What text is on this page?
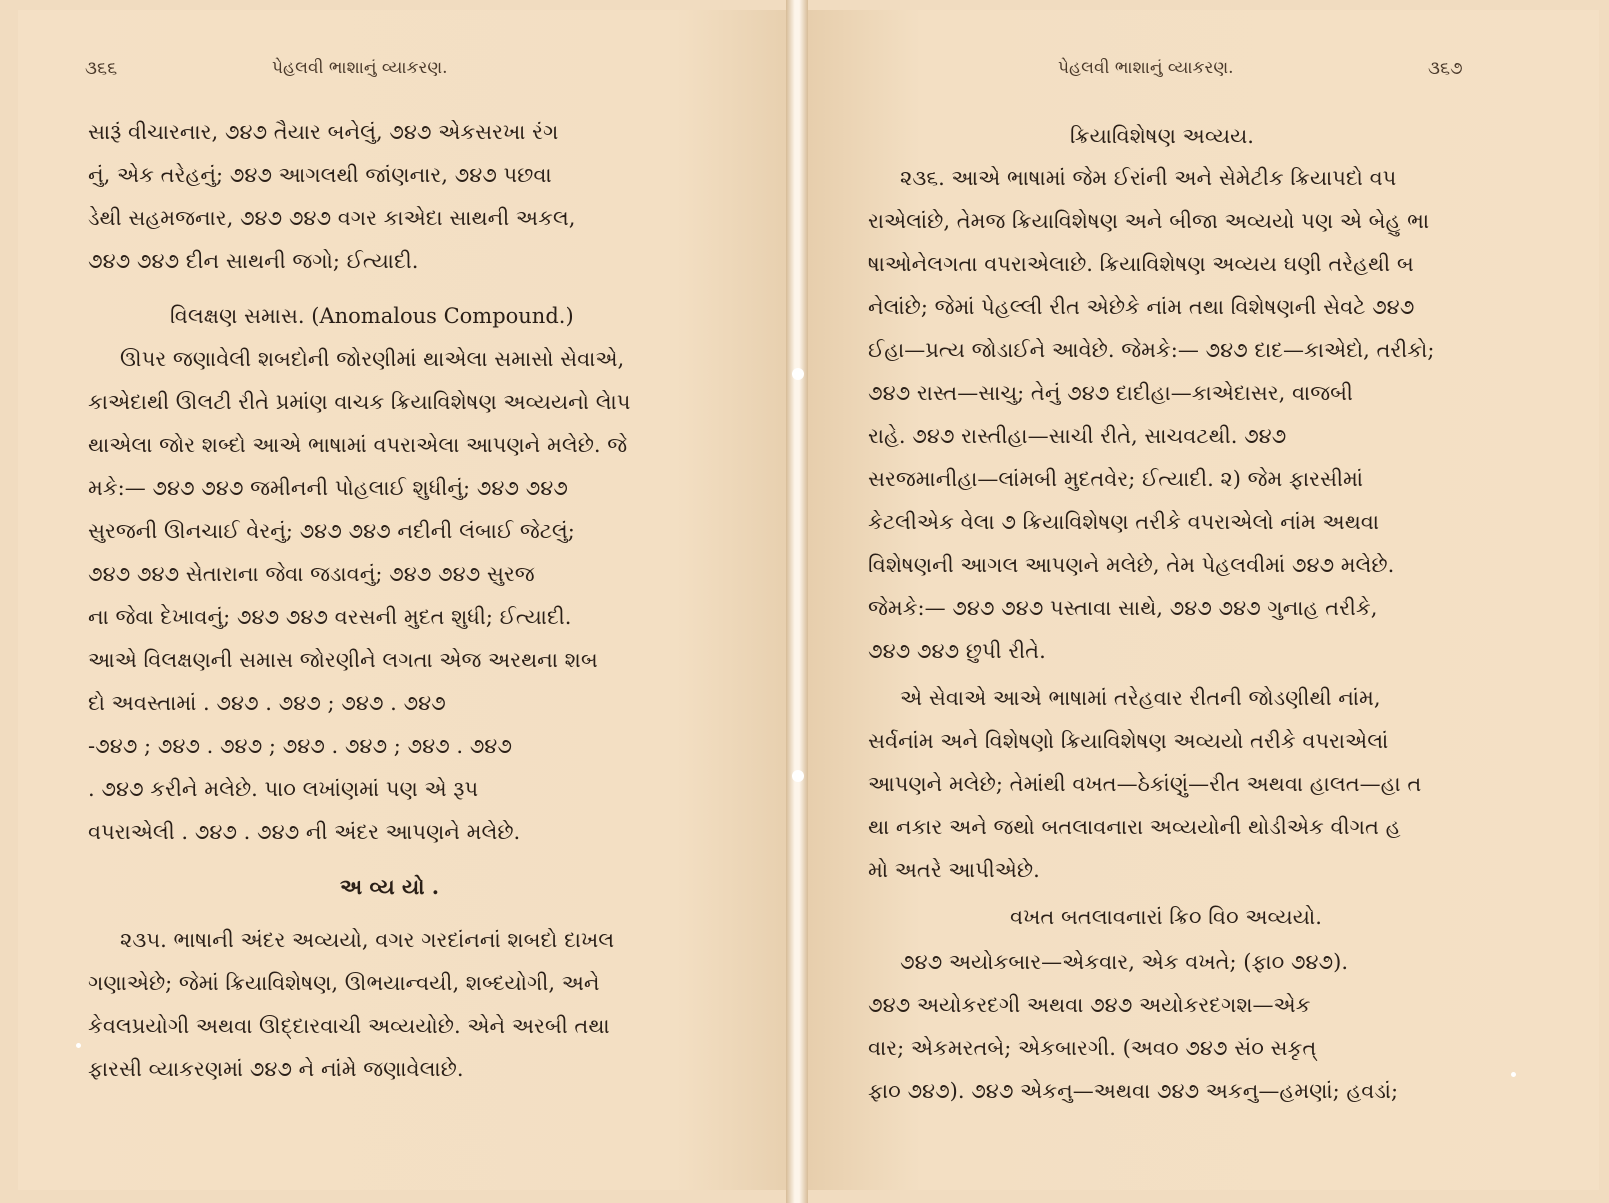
૩૬૬	પેહલવી ભાશાનું વ્યાકરણ.
સારૂં વીચારનાર, ૭૪૭ તૈયાર બનેલું, ૭૪૭ એકસરખા રંગ
નું, એક તરેહનું; ૭૪૭ આગલથી જાંણનાર, ૭૪૭ પછવા
ડેથી સહમજનાર, ૭૪૭ ૭૪૭ વગર કાએદા સાથની અકલ,
૭૪૭ ૭૪૭ દીન સાથની જગો; ઈત્યાદી.
વિલક્ષણ સમાસ. (Anomalous Compound.)
ઊપર જણાવેલી શબદોની જોરણીમાં થાએલા સમાસો સેવાએ,
કાએદાથી ઊલટી રીતે પ્રમાંણ વાચક ક્રિયાવિશેષણ અવ્યયનો લેાપ
થાએલા જોર શબ્દો આએ ભાષામાં વપરાએલા આપણને મલેછે. જે
મકે:— ૭૪૭ ૭૪૭ જમીનની પોહલાઈ શુધીનું; ૭૪૭ ૭૪૭
સુરજની ઊનચાઈ વેરનું; ૭૪૭ ૭૪૭ નદીની લંબાઈ જેટલું;
૭૪૭ ૭૪૭ સેતારાના જેવા જડાવનું; ૭૪૭ ૭૪૭ સુરજ
ના જેવા દેખાવનું; ૭૪૭ ૭૪૭ વરસની મુદત શુધી; ઈત્યાદી.
આએ વિલક્ષણની સમાસ જોરણીને લગતા એજ અરથના શબ
દો અવસ્તામાં . ૭૪૭ . ૭૪૭ ; ૭૪૭ . ૭૪૭
-૭૪૭ ; ૭૪૭ . ૭૪૭ ; ૭૪૭ . ૭૪૭ ; ૭૪૭ . ૭૪૭
. ૭૪૭ કરીને મલેછે. પા૦ લખાંણમાં પણ એ રૂપ
વપરાએલી . ૭૪૭ . ૭૪૭ ની અંદર આપણને મલેછે.
અ વ્ય યો .
૨૩૫. ભાષાની અંદર અવ્યયો, વગર ગરદાંનનાં શબદો દાખલ
ગણાએછે; જેમાં ક્રિયાવિશેષણ, ઊભયાન્વયી, શબ્દયોગી, અને
કેવલપ્રયોગી અથવા ઊદ્દારવાચી અવ્યયોછે. એને અરબી તથા
ફારસી વ્યાકરણમાં ૭૪૭ ને નાંમે જણાવેલાછે.
પેહલવી ભાશાનું વ્યાકરણ.	૩૬૭
ક્રિયાવિશેષણ અવ્યય.
૨૩૬. આએ ભાષામાં જેમ ઈરાંની અને સેમેટીક ક્રિયાપદો વપ
રાએલાંછે, તેમજ ક્રિયાવિશેષણ અને બીજા અવ્યયો પણ એ બેહુ ભા
ષાઓનેલગતા વપરાએલાછે. ક્રિયાવિશેષણ અવ્યય ઘણી તરેહથી બ
નેલાંછે; જેમાં પેહલ્લી રીત એછેકે નાંમ તથા વિશેષણની સેવટે ૭૪૭
ઈહા—પ્રત્ય જોડાઈને આવેછે. જેમકે:— ૭૪૭ દાદ—કાએદો, તરીકો;
૭૪૭ રાસ્ત—સાચુ; તેનું ૭૪૭ દાદીહા—કાએદાસર, વાજબી
રાહે. ૭૪૭ રાસ્તીહા—સાચી રીતે, સાચવટથી. ૭૪૭
સરજમાનીહા—લાંમબી મુદતવેર; ઈત્યાદી. ૨) જેમ ફારસીમાં
કેટલીએક વેલા ૭ ક્રિયાવિશેષણ તરીકે વપરાએલો નાંમ અથવા
વિશેષણની આગલ આપણને મલેછે, તેમ પેહલવીમાં ૭૪૭ મલેછે.
જેમકે:— ૭૪૭ ૭૪૭ પસ્તાવા સાથે, ૭૪૭ ૭૪૭ ગુનાહ તરીકે,
૭૪૭ ૭૪૭ છુપી રીતે.
એ સેવાએ આએ ભાષામાં તરેહવાર રીતની જોડણીથી નાંમ,
સર્વનાંમ અને વિશેષણો ક્રિયાવિશેષણ અવ્યયો તરીકે વપરાએલાં
આપણને મલેછે; તેમાંથી વખત—ઠેકાંણું—રીત અથવા હાલત—હા ત
થા નકાર અને જથો બતલાવનારા અવ્યયોની થોડીએક વીગત હ
મો અતરે આપીએછે.
વખત બતલાવનારાં ક્રિ૦ વિ૦ અવ્યયો.
૭૪૭ અયોકબાર—એકવાર, એક વખતે; (ફા૦ ૭૪૭).
૭૪૭ અયોકરદગી અથવા ૭૪૭ અયોકરદગશ—એક
વાર; એકમરતબે; એકબારગી. (અવ૦ ૭૪૭ સં૦ સકૃત્
ફા૦ ૭૪૭). ૭૪૭ એકનુ—અથવા ૭૪૭ અકનુ—હમણાં; હવડાં;
